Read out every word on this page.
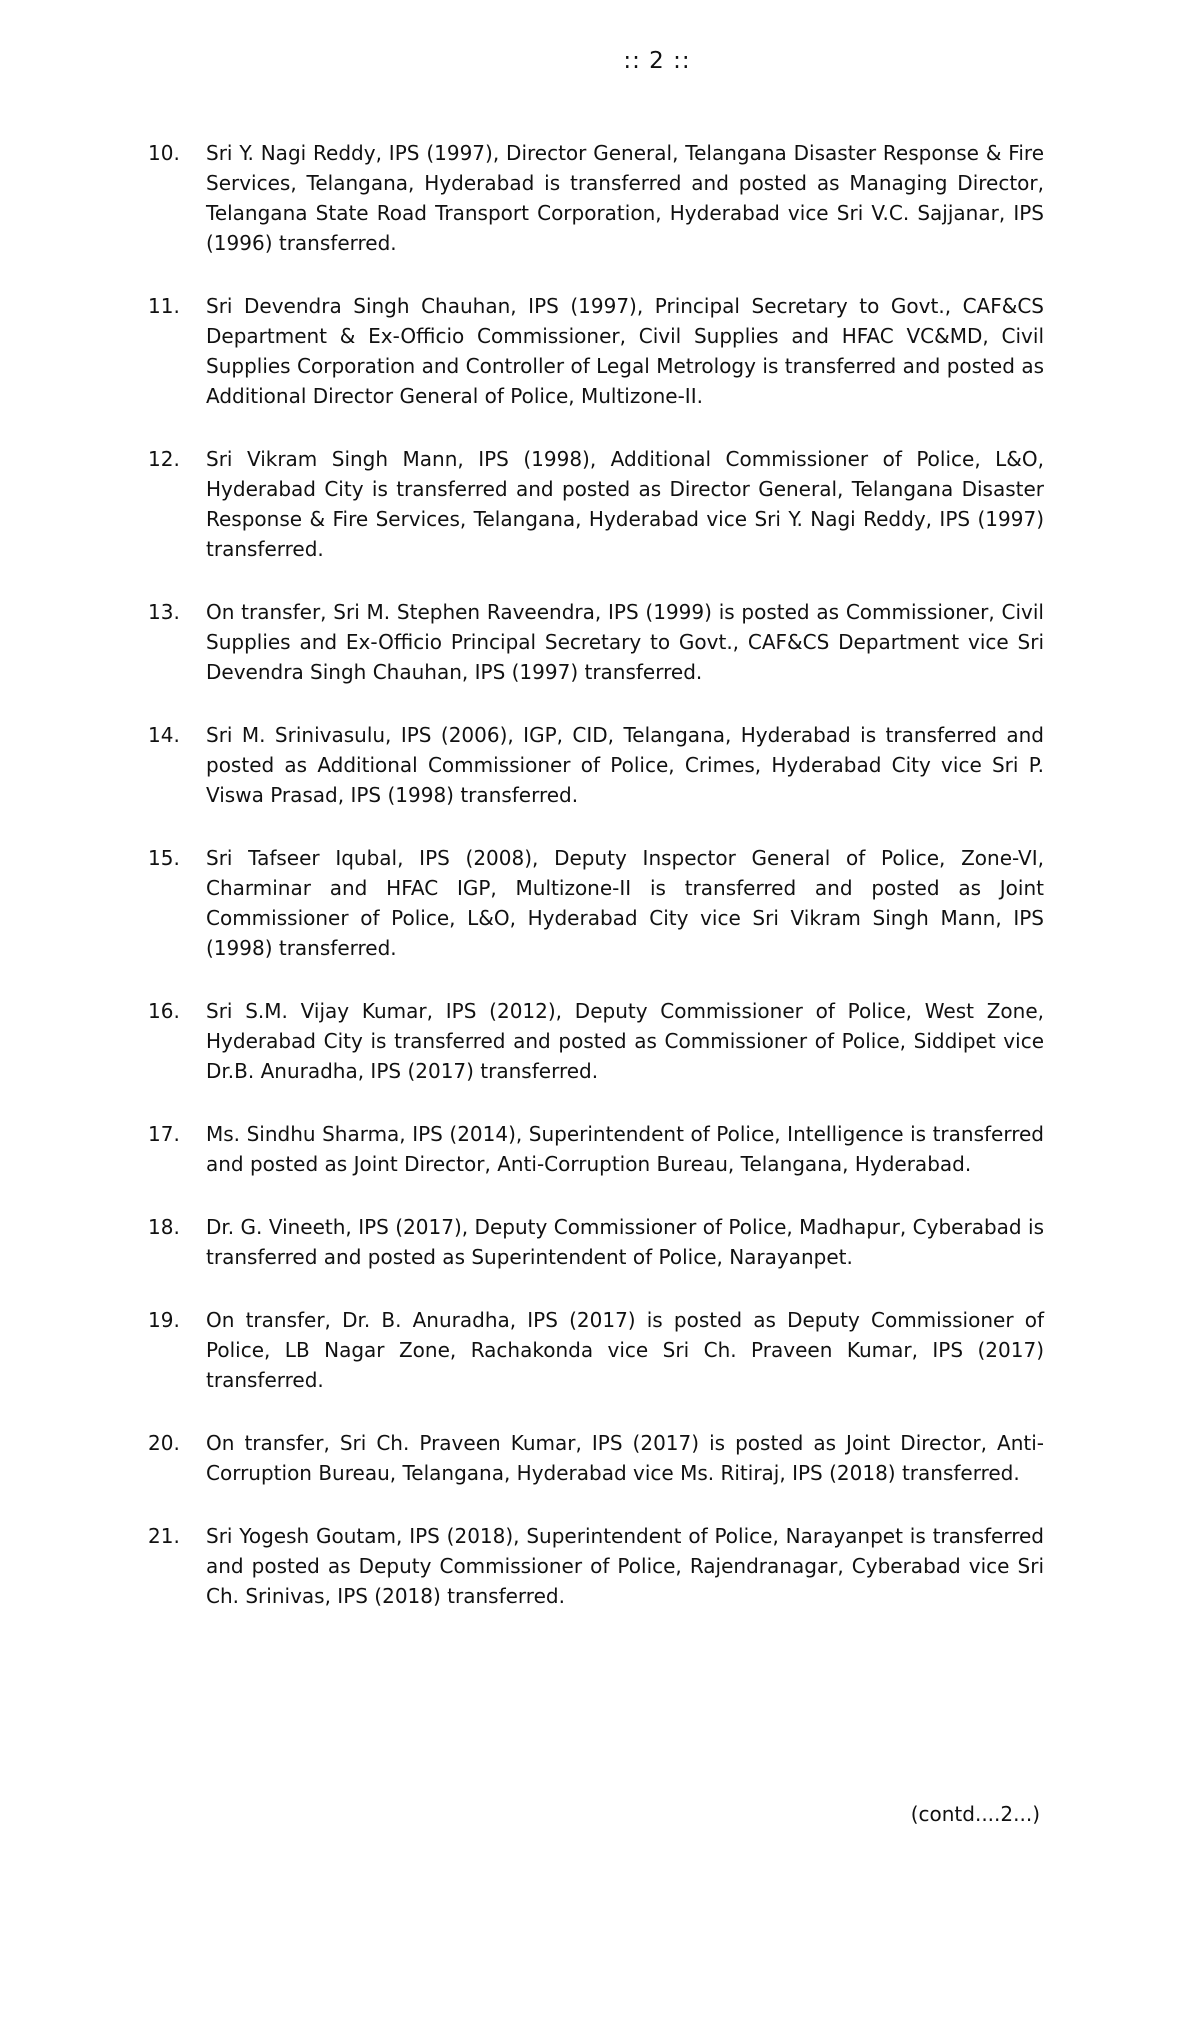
:: 2 ::
10. Sri Y. Nagi Reddy, IPS (1997), Director General, Telangana Disaster Response & Fire Services, Telangana, Hyderabad is transferred and posted as Managing Director, Telangana State Road Transport Corporation, Hyderabad vice Sri V.C. Sajjanar, IPS (1996) transferred.
11. Sri Devendra Singh Chauhan, IPS (1997), Principal Secretary to Govt., CAF&CS Department & Ex-Officio Commissioner, Civil Supplies and HFAC VC&MD, Civil Supplies Corporation and Controller of Legal Metrology is transferred and posted as Additional Director General of Police, Multizone-II.
12. Sri Vikram Singh Mann, IPS (1998), Additional Commissioner of Police, L&O, Hyderabad City is transferred and posted as Director General, Telangana Disaster Response & Fire Services, Telangana, Hyderabad vice Sri Y. Nagi Reddy, IPS (1997) transferred.
13. On transfer, Sri M. Stephen Raveendra, IPS (1999) is posted as Commissioner, Civil Supplies and Ex-Officio Principal Secretary to Govt., CAF&CS Department vice Sri Devendra Singh Chauhan, IPS (1997) transferred.
14. Sri M. Srinivasulu, IPS (2006), IGP, CID, Telangana, Hyderabad is transferred and posted as Additional Commissioner of Police, Crimes, Hyderabad City vice Sri P. Viswa Prasad, IPS (1998) transferred.
15. Sri Tafseer Iqubal, IPS (2008), Deputy Inspector General of Police, Zone-VI, Charminar and HFAC IGP, Multizone-II is transferred and posted as Joint Commissioner of Police, L&O, Hyderabad City vice Sri Vikram Singh Mann, IPS (1998) transferred.
16. Sri S.M. Vijay Kumar, IPS (2012), Deputy Commissioner of Police, West Zone, Hyderabad City is transferred and posted as Commissioner of Police, Siddipet vice Dr.B. Anuradha, IPS (2017) transferred.
17. Ms. Sindhu Sharma, IPS (2014), Superintendent of Police, Intelligence is transferred and posted as Joint Director, Anti-Corruption Bureau, Telangana, Hyderabad.
18. Dr. G. Vineeth, IPS (2017), Deputy Commissioner of Police, Madhapur, Cyberabad is transferred and posted as Superintendent of Police, Narayanpet.
19. On transfer, Dr. B. Anuradha, IPS (2017) is posted as Deputy Commissioner of Police, LB Nagar Zone, Rachakonda vice Sri Ch. Praveen Kumar, IPS (2017) transferred.
20. On transfer, Sri Ch. Praveen Kumar, IPS (2017) is posted as Joint Director, Anti-Corruption Bureau, Telangana, Hyderabad vice Ms. Ritiraj, IPS (2018) transferred.
21. Sri Yogesh Goutam, IPS (2018), Superintendent of Police, Narayanpet is transferred and posted as Deputy Commissioner of Police, Rajendranagar, Cyberabad vice Sri Ch. Srinivas, IPS (2018) transferred.
(contd....2...)
